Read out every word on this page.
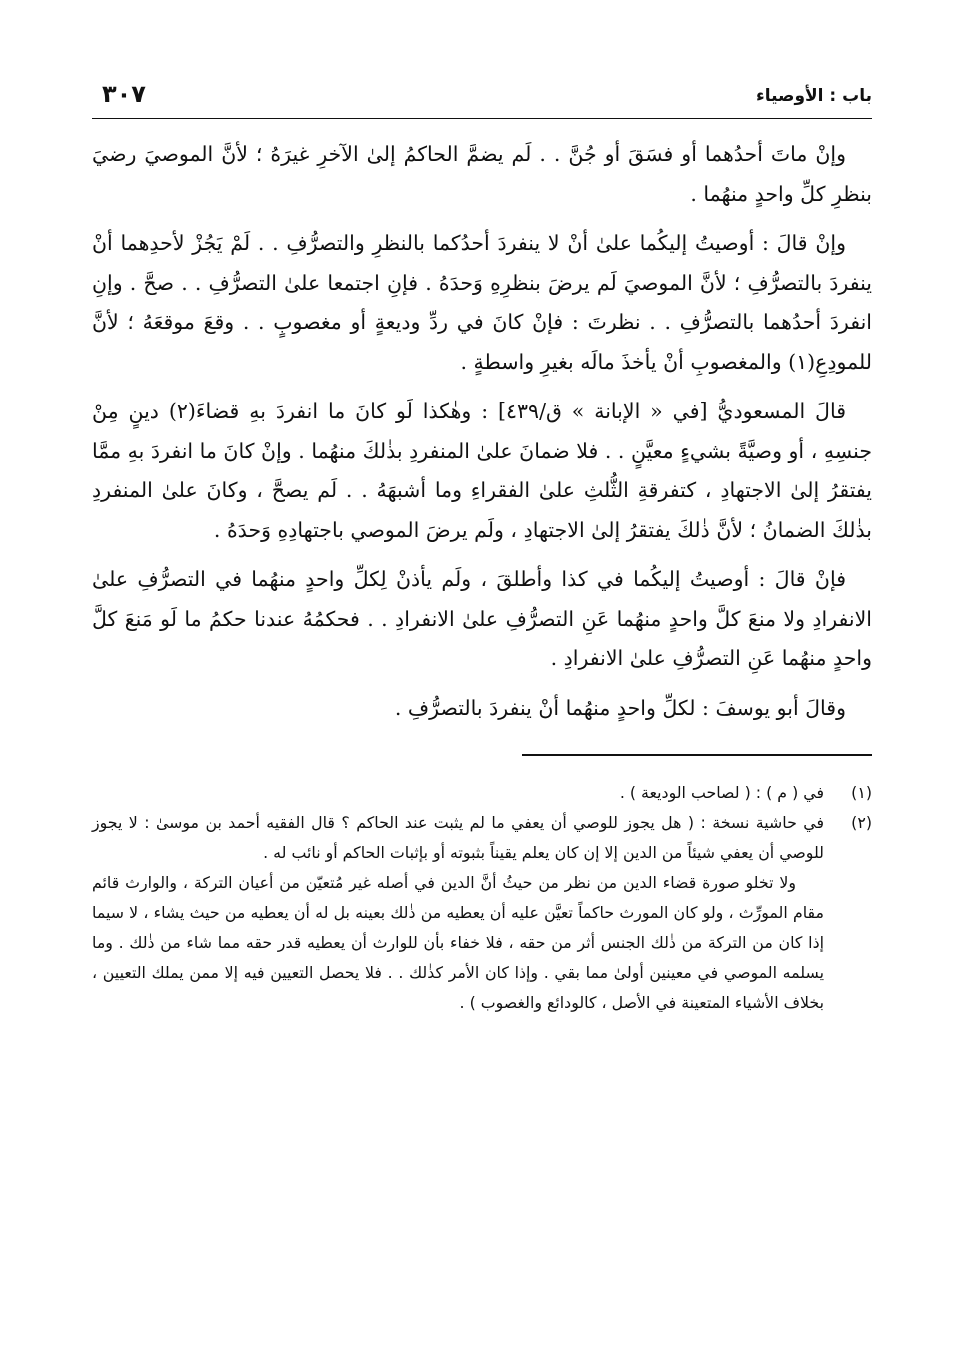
باب : الأوصياء
٣٠٧

وإنْ ماتَ أحدُهما أو فسَقَ أو جُنَّ . . لَم يضمَّ الحاكمُ إلىٰ الآخرِ غيرَهُ ؛ لأنَّ الموصيَ رضيَ بنظرِ كلِّ واحدٍ منهُما .

وإنْ قالَ : أوصيتُ إليكُما علىٰ أنْ لا ينفردَ أحدُكما بالنظرِ والتصرُّفِ . . لَمْ يَجُزْ لأحدِهما أنْ ينفردَ بالتصرُّفِ ؛ لأنَّ الموصيَ لَم يرضَ بنظرِهِ وَحدَهُ . فإنِ اجتمعا علىٰ التصرُّفِ . . صحَّ . وإنِ انفردَ أحدُهما بالتصرُّفِ . . نظرتَ : فإنْ كانَ في ردِّ وديعةٍ أو مغصوبٍ . . وقعَ موقعَهُ ؛ لأنَّ للمودِعِ(١) والمغصوبِ أنْ يأخذَ مالَه بغيرِ واسطةٍ .

قالَ المسعوديُّ [في « الإبانة » ق/٤٣٩] : وهٰكذا لَو كانَ ما انفردَ بهِ قضاءَ(٢) دينٍ مِنْ جنسِهِ ، أو وصيَّةً بشيءٍ معيَّنٍ . . فلا ضمانَ علىٰ المنفردِ بذٰلكَ منهُما . وإنْ كانَ ما انفردَ بهِ ممَّا يفتقرُ إلىٰ الاجتهادِ ، كتفرقةِ الثُّلثِ علىٰ الفقراءِ وما أشبهَهُ . . لَم يصحَّ ، وكانَ علىٰ المنفردِ بذٰلكَ الضمانُ ؛ لأنَّ ذٰلكَ يفتقرُ إلىٰ الاجتهادِ ، ولَم يرضَ الموصي باجتهادِهِ وَحدَهُ .

فإنْ قالَ : أوصيتُ إليكُما في كذا وأطلقَ ، ولَم يأذنْ لِكلِّ واحدٍ منهُما في التصرُّفِ علىٰ الانفرادِ ولا منعَ كلَّ واحدٍ منهُما عَنِ التصرُّفِ علىٰ الانفرادِ . . فحكمُهُ عندنا حكمُ ما لَو مَنعَ كلَّ واحدٍ منهُما عَنِ التصرُّفِ علىٰ الانفرادِ .

وقالَ أبو يوسفَ : لكلِّ واحدٍ منهُما أنْ ينفردَ بالتصرُّفِ .

(١)
في ( م ) : ( لصاحب الوديعة ) .
(٢)
في حاشية نسخة : ( هل يجوز للوصي أن يعفي ما لم يثبت عند الحاكم ؟ قال الفقيه أحمد بن موسىٰ : لا يجوز للوصي أن يعفي شيئاً من الدين إلا إن كان يعلم يقيناً بثبوته أو بإثبات الحاكم أو نائب له .
ولا تخلو صورة قضاء الدين من نظر من حيثُ أنَّ الدين في أصله غير مُتعيّن من أعيان التركة ، والوارث قائم مقام المورِّث ، ولو كان المورث حاكماً تعيَّن عليه أن يعطيه من ذٰلك بعينه بل له أن يعطيه من حيث يشاء ، لا سيما إذا كان من التركة من ذٰلك الجنس أثر من حقه ، فلا خفاء بأن للوارث أن يعطيه قدر حقه مما شاء من ذٰلك . وما يسلمه الموصي في معينين أولىٰ مما بقي . وإذا كان الأمر كذٰلك . . فلا يحصل التعيين فيه إلا ممن يملك التعيين ، بخلاف الأشياء المتعينة في الأصل ، كالودائع والغصوب ) .
